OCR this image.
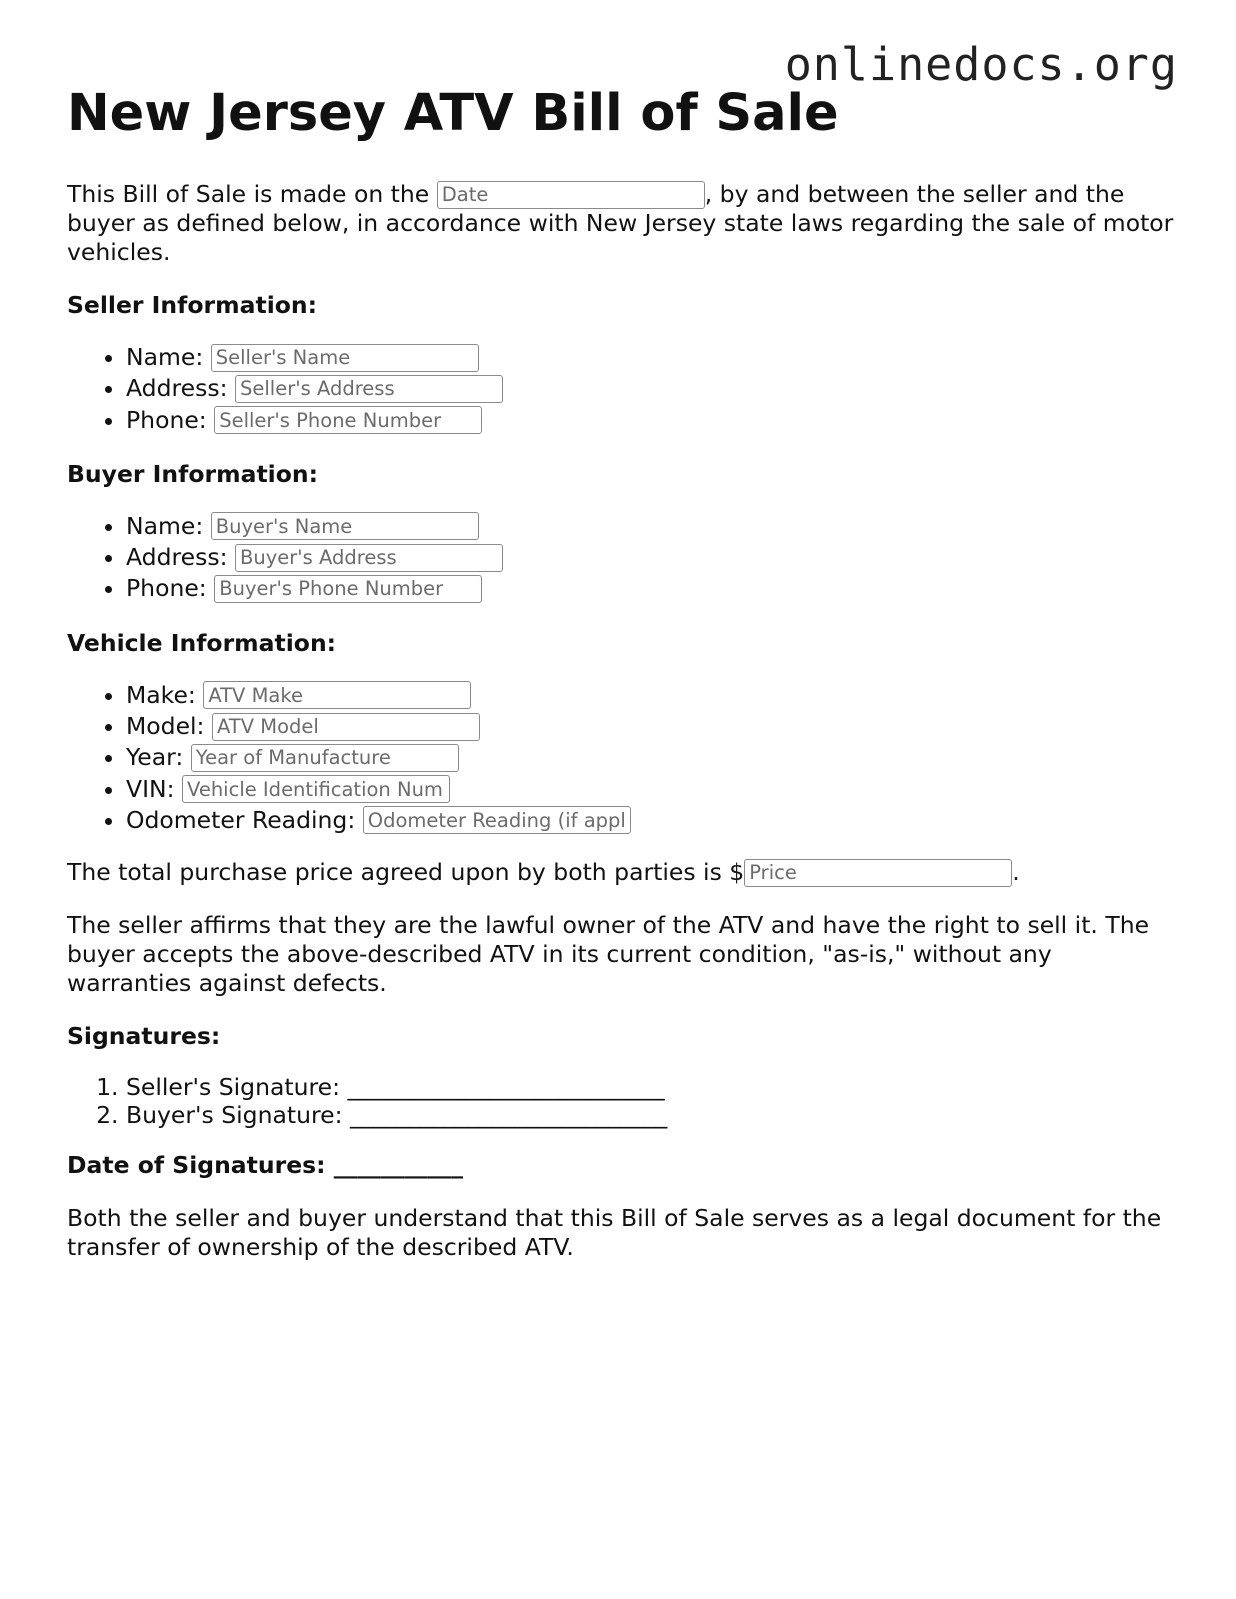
onlinedocs.org
New Jersey ATV Bill of Sale

This Bill of Sale is made on the Date	, by and between the seller and the buyer as defined below, in accordance with New Jersey state laws regarding the sale of motor vehicles.

Seller Information:
• Name: Seller's Name
• Address: Seller's Address
• Phone: Seller's Phone Number
Buyer Information:
• Name: Buyer's Name
• Address: Buyer's Address
• Phone: Buyer's Phone Number
Vehicle Information:
• Make: ATV Make
• Model: ATV Model
• Year: Year of Manufacture
• VIN: Vehicle Identification Num
• Odometer Reading: Odometer Reading (if appl

The total purchase price agreed upon by both parties is $Price	.

The seller affirms that they are the lawful owner of the ATV and have the right to sell it. The buyer accepts the above-described ATV in its current condition, "as-is," without any warranties against defects.

Signatures:
1. Seller's Signature: ___________________________
2. Buyer's Signature: ___________________________
Date of Signatures: ___________

Both the seller and buyer understand that this Bill of Sale serves as a legal document for the transfer of ownership of the described ATV.
